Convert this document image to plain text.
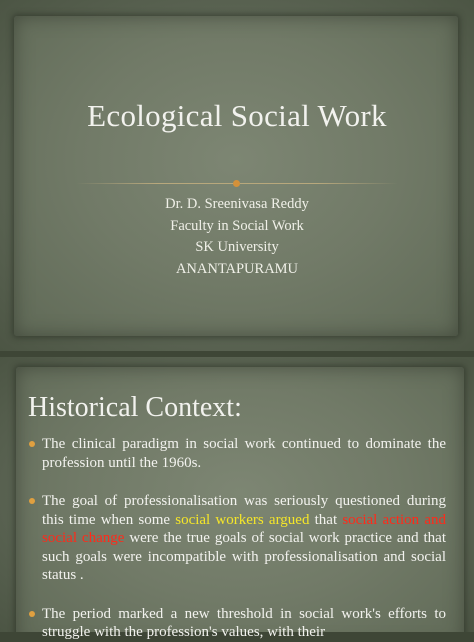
Ecological Social Work
Dr. D. Sreenivasa Reddy
Faculty in Social Work
SK University
ANANTAPURAMU
Historical Context:
The clinical paradigm in social work continued to dominate the profession until the 1960s.
The goal of professionalisation was seriously questioned during this time when some social workers argued that social action and social change were the true goals of social work practice and that such goals were incompatible with professionalisation and social status .
The period marked a new threshold in social work's efforts to struggle with the profession's values, with their
